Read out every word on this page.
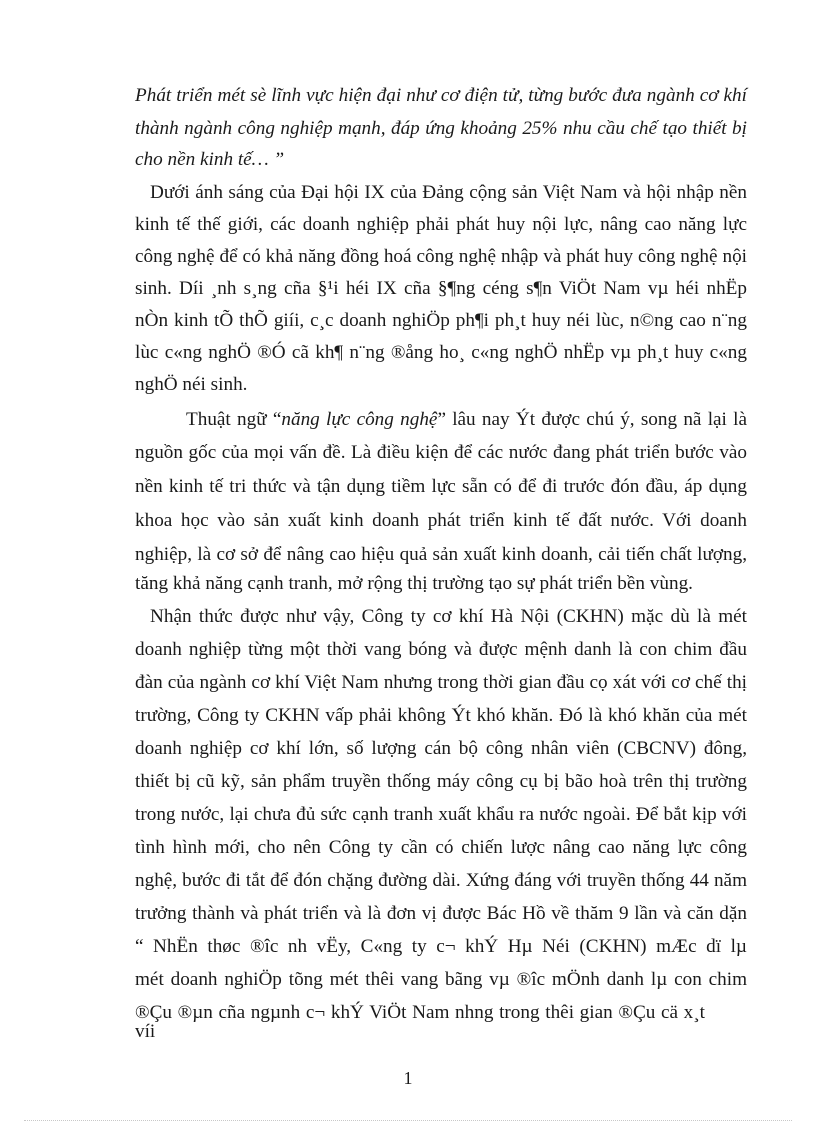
Phát triển mét sè lĩnh vực hiện đại như cơ điện tử, từng bước đưa ngành cơ khí
thành ngành công nghiệp mạnh, đáp ứng khoảng 25% nhu cầu chế tạo thiết bị
cho nền kinh tế… ”
Dưới ánh sáng của Đại hội IX của Đảng cộng sản Việt Nam và hội nhập nền
kinh tế thế giới, các doanh nghiệp phải phát huy nội lực, nâng cao năng lực
công nghệ để có khả năng đồng hoá công nghệ nhập và phát huy công nghệ nội
sinh. Díi ¸nh s¸ng cña §¹i héi IX cña §¶ng céng s¶n ViÖt Nam vµ héi nhËp
nÒn kinh tÕ thÕ giíi, c¸c doanh nghiÖp ph¶i ph¸t huy néi lùc, n©ng cao n¨ng
lùc c«ng nghÖ ®Ó cã kh¶ n¨ng ®ång ho¸ c«ng nghÖ nhËp vµ ph¸t huy c«ng
nghÖ néi sinh.
Thuật ngữ “năng lực công nghệ” lâu nay Ýt được chú ý, song nã lại là
nguồn gốc của mọi vấn đề. Là điều kiện để các nước đang phát triển bước vào
nền kinh tế tri thức và tận dụng tiềm lực sẵn có để đi trước đón đầu, áp dụng
khoa học vào sản xuất kinh doanh phát triển kinh tế đất nước. Với doanh
nghiệp, là cơ sở để nâng cao hiệu quả sản xuất kinh doanh, cải tiến chất lượng,
tăng khả năng cạnh tranh, mở rộng thị trường tạo sự phát triển bền vùng.
Nhận thức được như vậy, Công ty cơ khí Hà Nội (CKHN) mặc dù là mét
doanh nghiệp từng một thời vang bóng và được mệnh danh là con chim đầu
đàn của ngành cơ khí Việt Nam nhưng trong thời gian đầu cọ xát với cơ chế thị
trường, Công ty CKHN vấp phải không Ýt khó khăn. Đó là khó khăn của mét
doanh nghiệp cơ khí lớn, số lượng cán bộ công nhân viên (CBCNV) đông,
thiết bị cũ kỹ, sản phẩm truyền thống máy công cụ bị bão hoà trên thị trường
trong nước, lại chưa đủ sức cạnh tranh xuất khẩu ra nước ngoài. Để bắt kịp với
tình hình mới, cho nên Công ty cần có chiến lược nâng cao năng lực công
nghệ, bước đi tắt để đón chặng đường dài. Xứng đáng với truyền thống 44 năm
trưởng thành và phát triển và là đơn vị được Bác Hồ về thăm 9 lần và căn dặn
“ NhËn thøc ®îc nh vËy, C«ng ty c¬ khÝ Hµ Néi (CKHN) mÆc dï lµ
mét doanh nghiÖp tõng mét thêi vang bãng vµ ®îc mÖnh danh lµ con chim
®Çu ®µn cña ngµnh c¬ khÝ ViÖt Nam nhng trong thêi gian ®Çu cä x¸t víi
1
